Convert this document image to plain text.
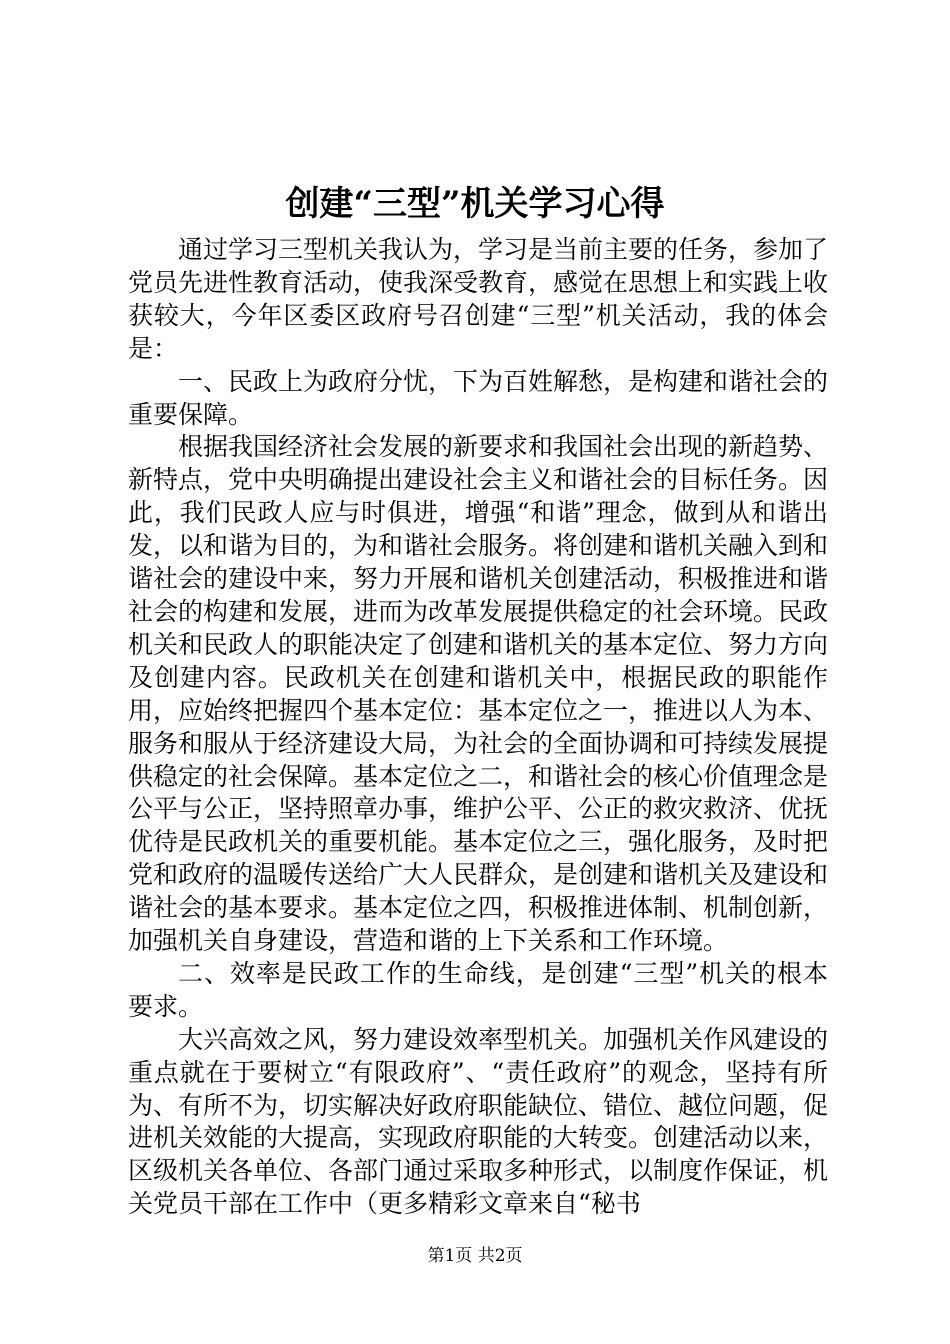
创建“三型”机关学习心得

通过学习三型机关我认为，学习是当前主要的任务，参加了党员先进性教育活动，使我深受教育，感觉在思想上和实践上收获较大，今年区委区政府号召创建“三型”机关活动，我的体会是：

一、民政上为政府分忧，下为百姓解愁，是构建和谐社会的重要保障。

根据我国经济社会发展的新要求和我国社会出现的新趋势、新特点，党中央明确提出建设社会主义和谐社会的目标任务。因此，我们民政人应与时俱进，增强“和谐”理念，做到从和谐出发，以和谐为目的，为和谐社会服务。将创建和谐机关融入到和谐社会的建设中来，努力开展和谐机关创建活动，积极推进和谐社会的构建和发展，进而为改革发展提供稳定的社会环境。民政机关和民政人的职能决定了创建和谐机关的基本定位、努力方向及创建内容。民政机关在创建和谐机关中，根据民政的职能作用，应始终把握四个基本定位：基本定位之一，推进以人为本、服务和服从于经济建设大局，为社会的全面协调和可持续发展提供稳定的社会保障。基本定位之二，和谐社会的核心价值理念是公平与公正，坚持照章办事，维护公平、公正的救灾救济、优抚优待是民政机关的重要机能。基本定位之三，强化服务，及时把党和政府的温暖传送给广大人民群众，是创建和谐机关及建设和谐社会的基本要求。基本定位之四，积极推进体制、机制创新，加强机关自身建设，营造和谐的上下关系和工作环境。

二、效率是民政工作的生命线，是创建“三型”机关的根本要求。

大兴高效之风，努力建设效率型机关。加强机关作风建设的重点就在于要树立“有限政府”、“责任政府”的观念，坚持有所为、有所不为，切实解决好政府职能缺位、错位、越位问题，促进机关效能的大提高，实现政府职能的大转变。创建活动以来，区级机关各单位、各部门通过采取多种形式，以制度作保证，机关党员干部在工作中（更多精彩文章来自“秘书

第1页 共2页
